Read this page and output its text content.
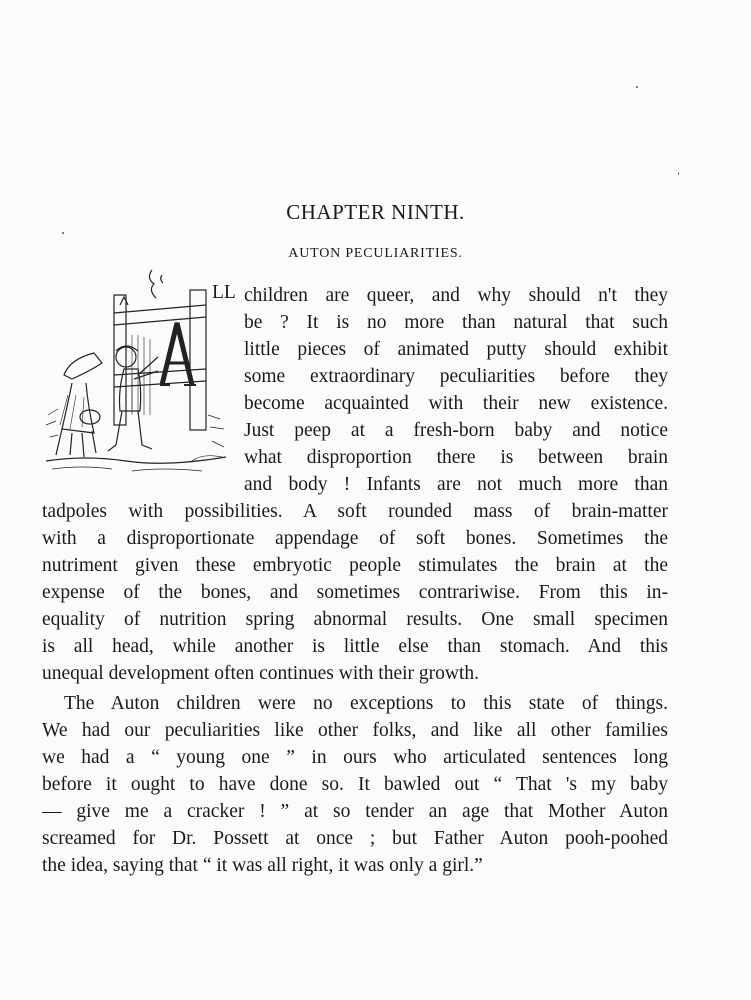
CHAPTER NINTH.
AUTON PECULIARITIES.
LL children are queer, and why should n't they
be ? It is no more than natural that such
little pieces of animated putty should exhibit
some extraordinary peculiarities before they
become acquainted with their new existence.
Just peep at a fresh-born baby and notice
what disproportion there is between brain
and body ! Infants are not much more than
tadpoles with possibilities. A soft rounded mass of brain-matter
with a disproportionate appendage of soft bones. Sometimes the
nutriment given these embryotic people stimulates the brain at the
expense of the bones, and sometimes contrariwise. From this in-
equality of nutrition spring abnormal results. One small specimen
is all head, while another is little else than stomach. And this
unequal development often continues with their growth.
The Auton children were no exceptions to this state of things.
We had our peculiarities like other folks, and like all other families
we had a “ young one ” in ours who articulated sentences long
before it ought to have done so. It bawled out “ That 's my baby
— give me a cracker ! ” at so tender an age that Mother Auton
screamed for Dr. Possett at once ; but Father Auton pooh-poohed
the idea, saying that “ it was all right, it was only a girl.”
